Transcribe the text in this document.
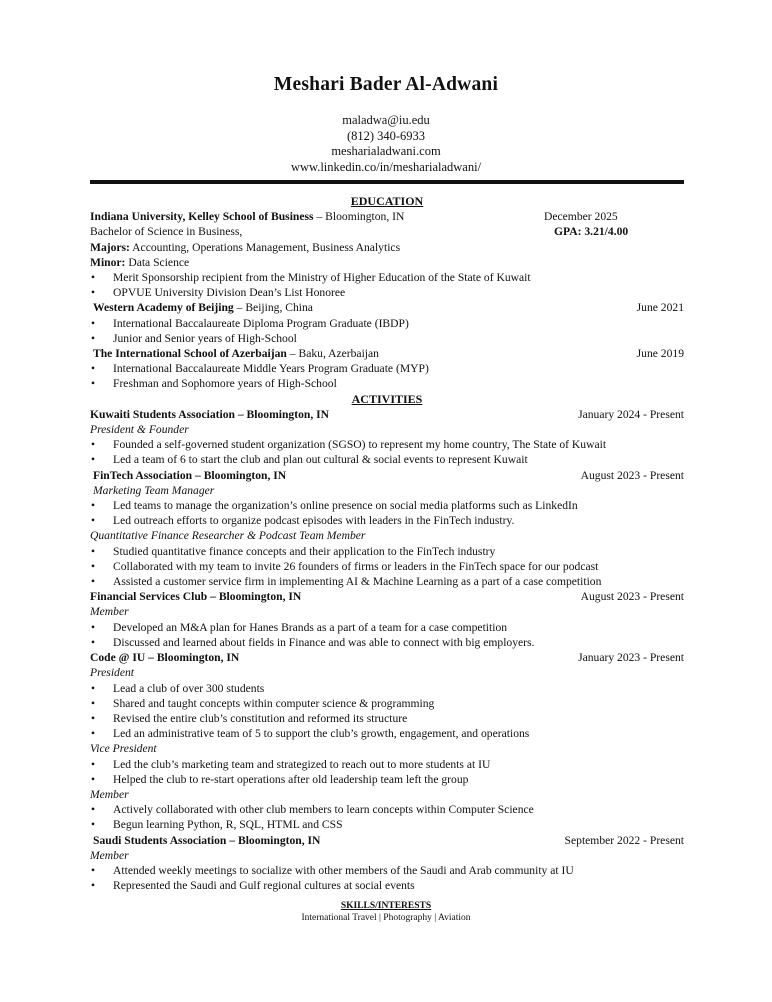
Meshari Bader Al-Adwani
maladwa@iu.edu
(812) 340-6933
mesharialadwani.com
www.linkedin.co/in/mesharialadwani/
EDUCATION
Indiana University, Kelley School of Business – Bloomington, IN	December 2025
Bachelor of Science in Business,	GPA: 3.21/4.00
Majors: Accounting, Operations Management, Business Analytics
Minor: Data Science
• Merit Sponsorship recipient from the Ministry of Higher Education of the State of Kuwait
• OPVUE University Division Dean’s List Honoree
Western Academy of Beijing – Beijing, China	June 2021
• International Baccalaureate Diploma Program Graduate (IBDP)
• Junior and Senior years of High-School
The International School of Azerbaijan – Baku, Azerbaijan	June 2019
• International Baccalaureate Middle Years Program Graduate (MYP)
• Freshman and Sophomore years of High-School
ACTIVITIES
Kuwaiti Students Association – Bloomington, IN	January 2024 - Present
President & Founder
• Founded a self-governed student organization (SGSO) to represent my home country, The State of Kuwait
• Led a team of 6 to start the club and plan out cultural & social events to represent Kuwait
FinTech Association – Bloomington, IN	August 2023 - Present
Marketing Team Manager
• Led teams to manage the organization’s online presence on social media platforms such as LinkedIn
• Led outreach efforts to organize podcast episodes with leaders in the FinTech industry.
Quantitative Finance Researcher & Podcast Team Member
• Studied quantitative finance concepts and their application to the FinTech industry
• Collaborated with my team to invite 26 founders of firms or leaders in the FinTech space for our podcast
• Assisted a customer service firm in implementing AI & Machine Learning as a part of a case competition
Financial Services Club – Bloomington, IN	August 2023 - Present
Member
• Developed an M&A plan for Hanes Brands as a part of a team for a case competition
• Discussed and learned about fields in Finance and was able to connect with big employers.
Code @ IU – Bloomington, IN	January 2023 - Present
President
• Lead a club of over 300 students
• Shared and taught concepts within computer science & programming
• Revised the entire club’s constitution and reformed its structure
• Led an administrative team of 5 to support the club’s growth, engagement, and operations
Vice President
• Led the club’s marketing team and strategized to reach out to more students at IU
• Helped the club to re-start operations after old leadership team left the group
Member
• Actively collaborated with other club members to learn concepts within Computer Science
• Begun learning Python, R, SQL, HTML and CSS
Saudi Students Association – Bloomington, IN	September 2022 - Present
Member
• Attended weekly meetings to socialize with other members of the Saudi and Arab community at IU
• Represented the Saudi and Gulf regional cultures at social events
SKILLS/INTERESTS
International Travel | Photography | Aviation
